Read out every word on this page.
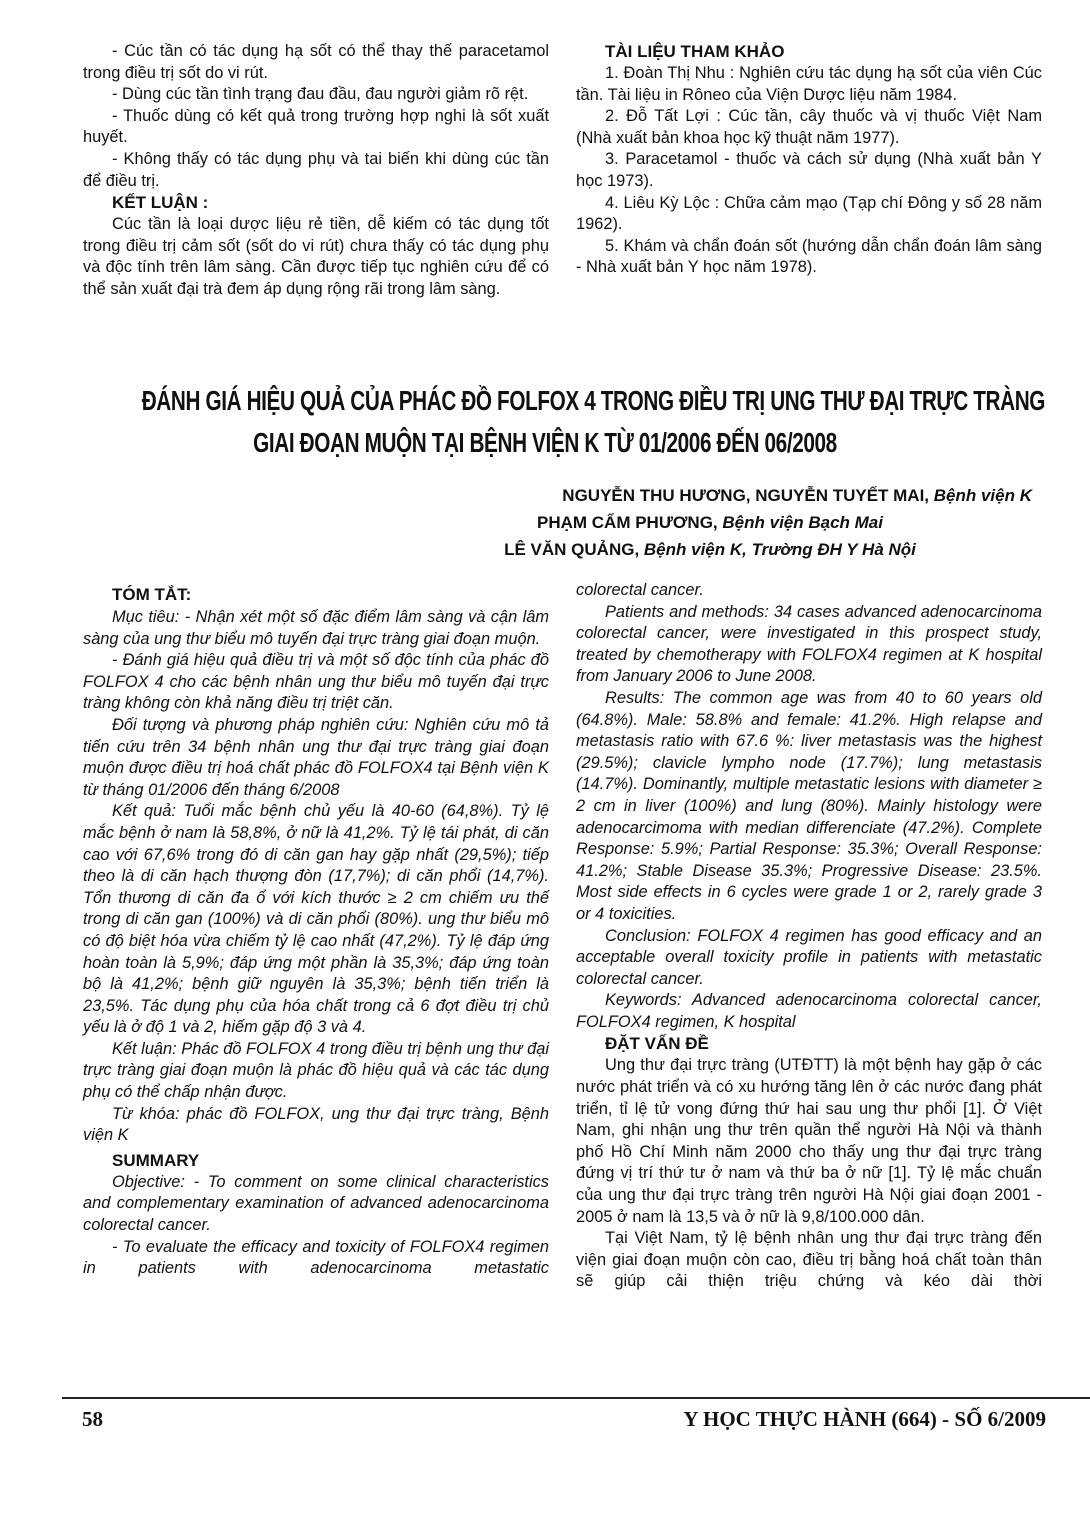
- Cúc tần có tác dụng hạ sốt có thể thay thế paracetamol trong điều trị sốt do vi rút.

- Dùng cúc tần tình trạng đau đầu, đau người giảm rõ rệt.

- Thuốc dùng có kết quả trong trường hợp nghi là sốt xuất huyết.

- Không thấy có tác dụng phụ và tai biến khi dùng cúc tần để điều trị.

KẾT LUẬN :

Cúc tần là loại dược liệu rẻ tiền, dễ kiếm có tác dụng tốt trong điều trị cảm sốt (sốt do vi rút) chưa thấy có tác dụng phụ và độc tính trên lâm sàng. Cần được tiếp tục nghiên cứu để có thể sản xuất đại trà đem áp dụng rộng rãi trong lâm sàng.

TÀI LIỆU THAM KHẢO

1. Đoàn Thị Nhu : Nghiên cứu tác dụng hạ sốt của viên Cúc tần. Tài liệu in Rôneo của Viện Dược liệu năm 1984.

2. Đỗ Tất Lợi : Cúc tần, cây thuốc và vị thuốc Việt Nam (Nhà xuất bản khoa học kỹ thuật năm 1977).

3. Paracetamol - thuốc và cách sử dụng (Nhà xuất bản Y học 1973).

4. Liêu Kỳ Lộc : Chữa cảm mạo (Tạp chí Đông y số 28 năm 1962).

5. Khám và chẩn đoán sốt (hướng dẫn chẩn đoán lâm sàng - Nhà xuất bản Y học năm 1978).

ĐÁNH GIÁ HIỆU QUẢ CỦA PHÁC ĐỒ FOLFOX 4 TRONG ĐIỀU TRỊ UNG THƯ ĐẠI TRỰC TRÀNG
GIAI ĐOẠN MUỘN TẠI BỆNH VIỆN K TỪ 01/2006 ĐẾN 06/2008
NGUYỄN THU HƯƠNG, NGUYỄN TUYẾT MAI, Bệnh viện K
PHẠM CẨM PHƯƠNG, Bệnh viện Bạch Mai
LÊ VĂN QUẢNG, Bệnh viện K, Trường ĐH Y Hà Nội
TÓM TẮT:

Mục tiêu: - Nhận xét một số đặc điểm lâm sàng và cận lâm sàng của ung thư biểu mô tuyến đại trực tràng giai đoạn muộn.

- Đánh giá hiệu quả điều trị và một số độc tính của phác đồ FOLFOX 4 cho các bệnh nhân ung thư biểu mô tuyến đại trực tràng không còn khả năng điều trị triệt căn.

Đối tượng và phương pháp nghiên cứu: Nghiên cứu mô tả tiến cứu trên 34 bệnh nhân ung thư đại trực tràng giai đoạn muộn được điều trị hoá chất phác đồ FOLFOX4 tại Bệnh viện K từ tháng 01/2006 đến tháng 6/2008

Kết quả: Tuổi mắc bệnh chủ yếu là 40-60 (64,8%). Tỷ lệ mắc bệnh ở nam là 58,8%, ở nữ là 41,2%. Tỷ lệ tái phát, di căn cao với 67,6% trong đó di căn gan hay gặp nhất (29,5%); tiếp theo là di căn hạch thượng đòn (17,7%); di căn phổi (14,7%). Tổn thương di căn đa ổ với kích thước ≥ 2 cm chiếm ưu thế trong di căn gan (100%) và di căn phổi (80%). ung thư biểu mô có độ biệt hóa vừa chiếm tỷ lệ cao nhất (47,2%). Tỷ lệ đáp ứng hoàn toàn là 5,9%; đáp ứng một phần là 35,3%; đáp ứng toàn bộ là 41,2%; bệnh giữ nguyên là 35,3%; bệnh tiến triển là 23,5%. Tác dụng phụ của hóa chất trong cả 6 đợt điều trị chủ yếu là ở độ 1 và 2, hiếm gặp độ 3 và 4.

Kết luận: Phác đồ FOLFOX 4 trong điều trị bệnh ung thư đại trực tràng giai đoạn muộn là phác đồ hiệu quả và các tác dụng phụ có thể chấp nhận được.

Từ khóa: phác đồ FOLFOX, ung thư đại trực tràng, Bệnh viện K

SUMMARY

Objective: - To comment on some clinical characteristics and complementary examination of advanced adenocarcinoma colorectal cancer.

- To evaluate the efficacy and toxicity of FOLFOX4 regimen in patients with adenocarcinoma metastatic

colorectal cancer.

Patients and methods: 34 cases advanced adenocarcinoma colorectal cancer, were investigated in this prospect study, treated by chemotherapy with FOLFOX4 regimen at K hospital from January 2006 to June 2008.

Results: The common age was from 40 to 60 years old (64.8%). Male: 58.8% and female: 41.2%. High relapse and metastasis ratio with 67.6 %: liver metastasis was the highest (29.5%); clavicle lympho node (17.7%); lung metastasis (14.7%). Dominantly, multiple metastatic lesions with diameter ≥ 2 cm in liver (100%) and lung (80%). Mainly histology were adenocarcimoma with median differenciate (47.2%). Complete Response: 5.9%; Partial Response: 35.3%; Overall Response: 41.2%; Stable Disease 35.3%; Progressive Disease: 23.5%. Most side effects in 6 cycles were grade 1 or 2, rarely grade 3 or 4 toxicities.

Conclusion: FOLFOX 4 regimen has good efficacy and an acceptable overall toxicity profile in patients with metastatic colorectal cancer.

Keywords: Advanced adenocarcinoma colorectal cancer, FOLFOX4 regimen, K hospital

ĐẶT VẤN ĐỀ

Ung thư đại trực tràng (UTĐTT) là một bệnh hay gặp ở các nước phát triển và có xu hướng tăng lên ở các nước đang phát triển, tỉ lệ tử vong đứng thứ hai sau ung thư phổi [1]. Ở Việt Nam, ghi nhận ung thư trên quần thể người Hà Nội và thành phố Hồ Chí Minh năm 2000 cho thấy ung thư đại trực tràng đứng vị trí thứ tư ở nam và thứ ba ở nữ [1]. Tỷ lệ mắc chuẩn của ung thư đại trực tràng trên người Hà Nội giai đoạn 2001 - 2005 ở nam là 13,5 và ở nữ là 9,8/100.000 dân.

Tại Việt Nam, tỷ lệ bệnh nhân ung thư đại trực tràng đến viện giai đoạn muộn còn cao, điều trị bằng hoá chất toàn thân sẽ giúp cải thiện triệu chứng và kéo dài thời

58	Y HỌC THỰC HÀNH (664) - SỐ 6/2009
